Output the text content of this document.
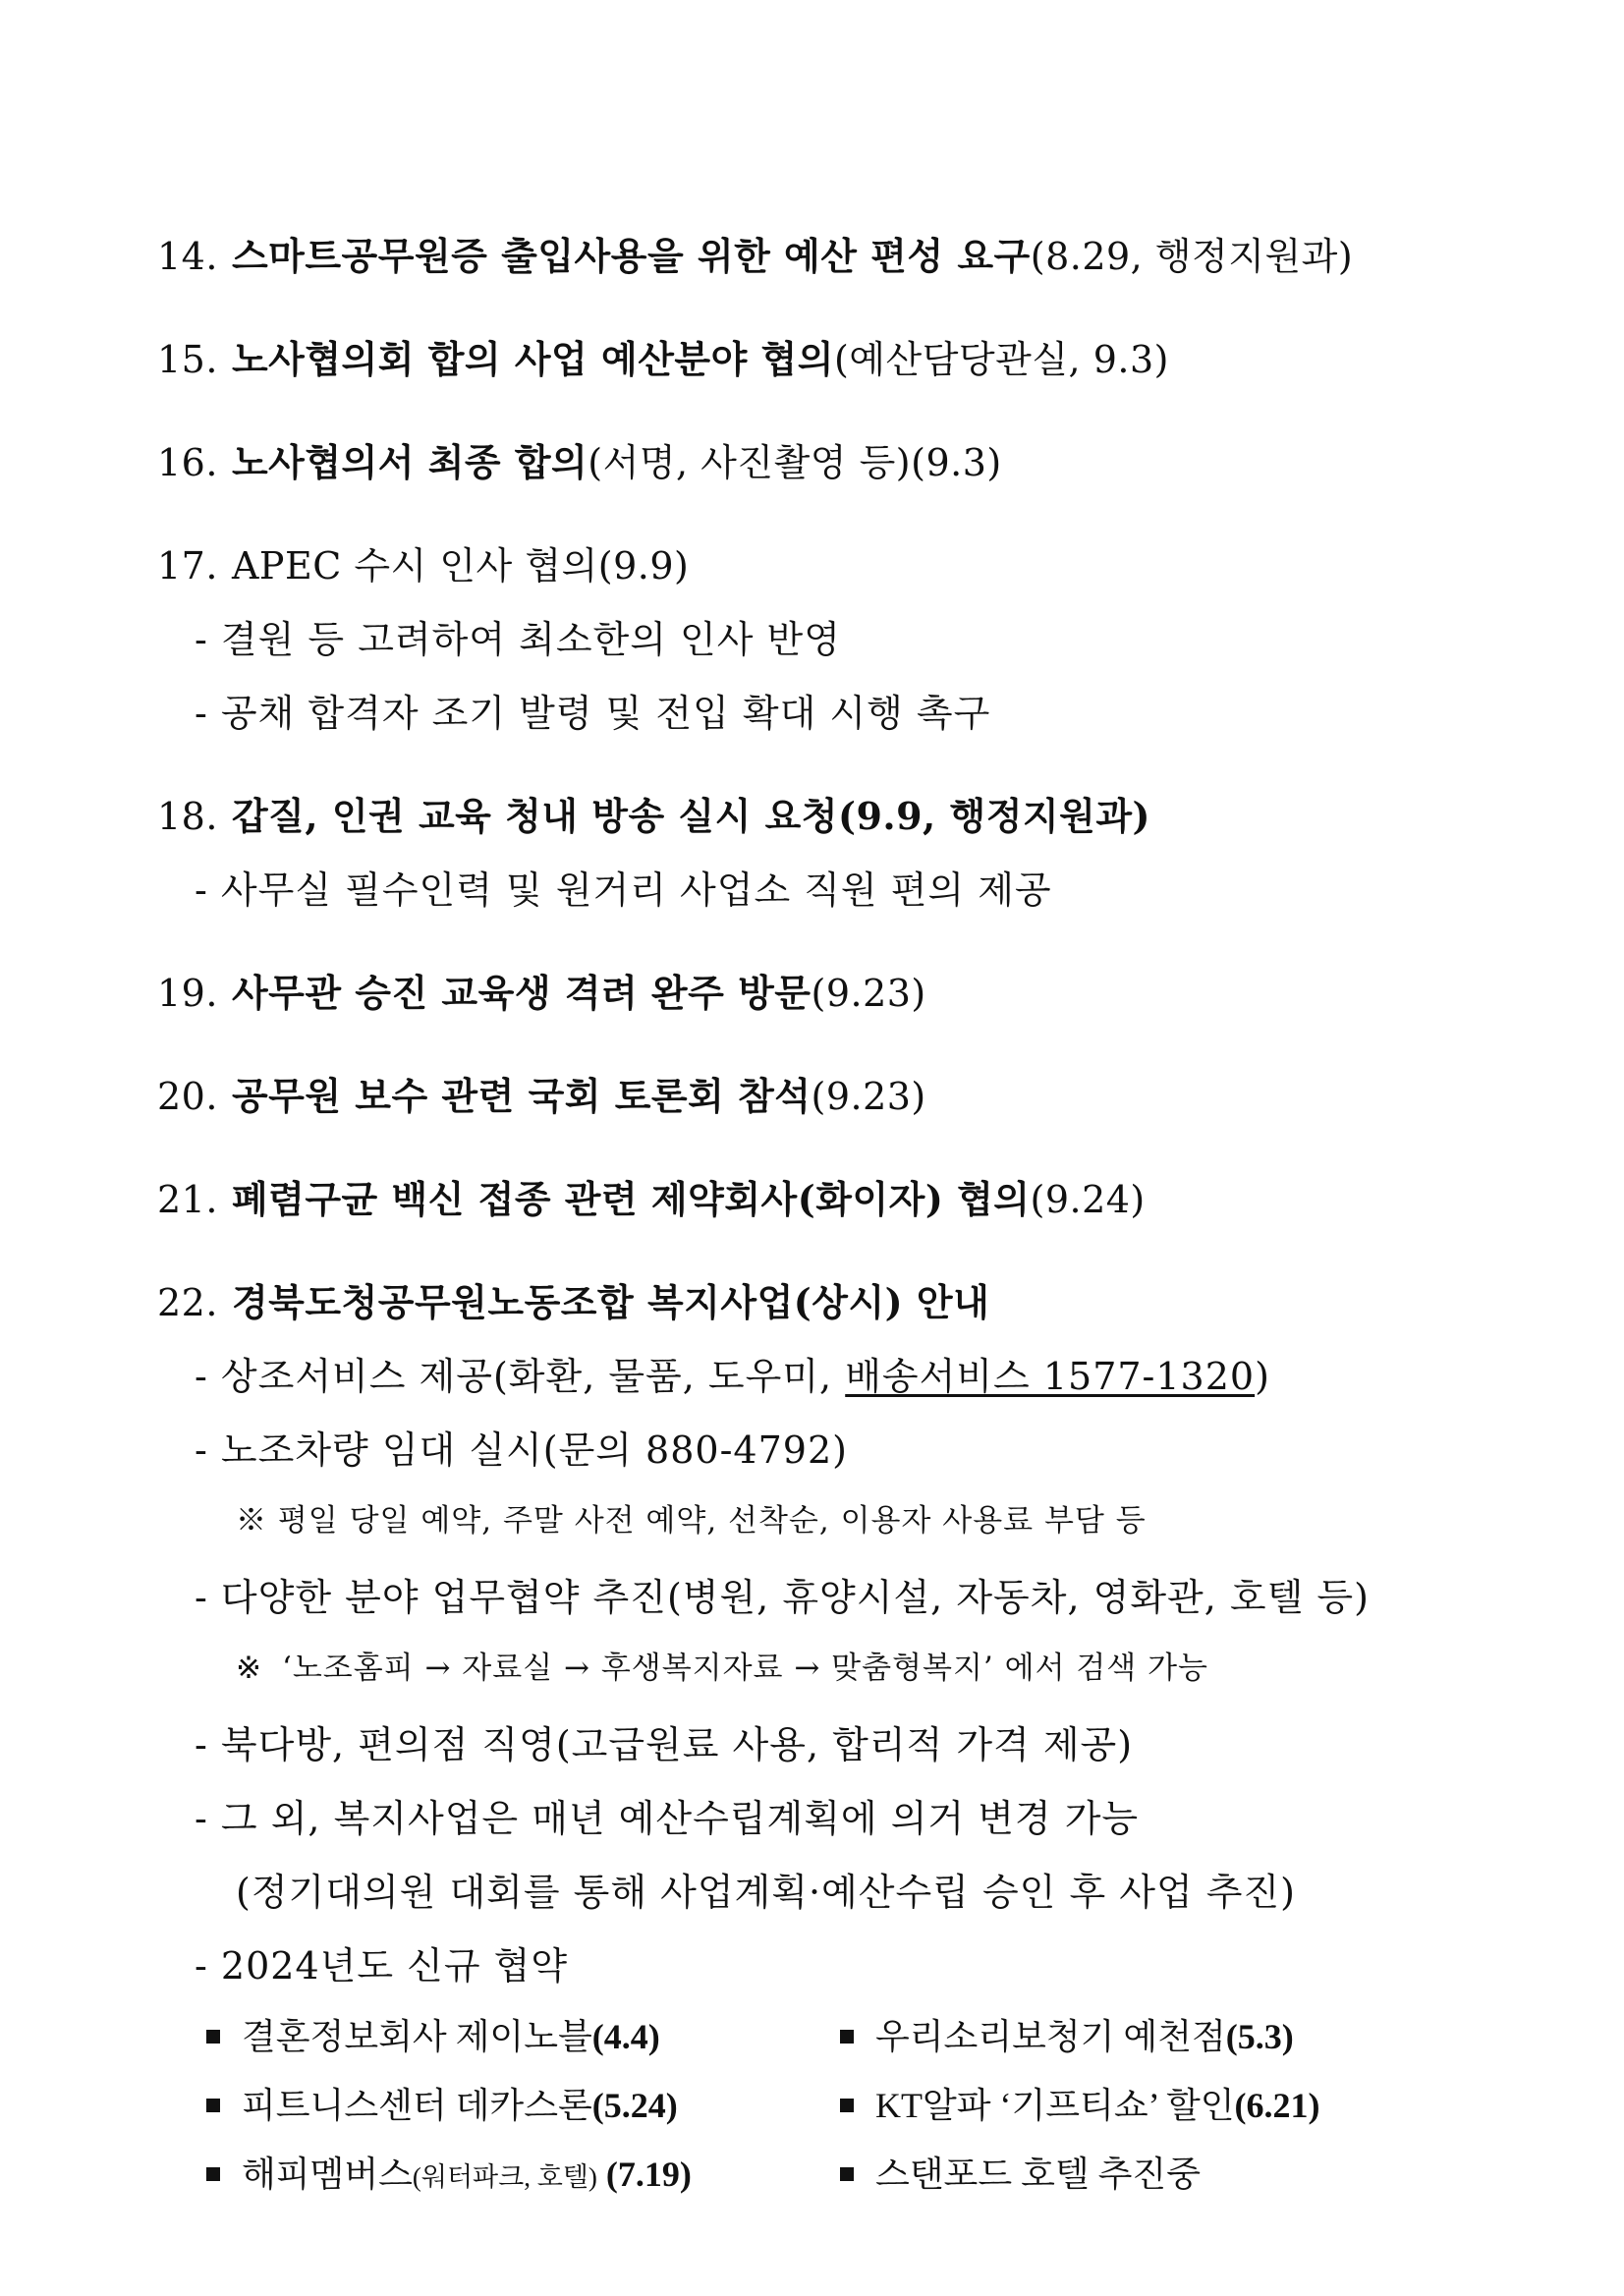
14. 스마트공무원증 출입사용을 위한 예산 편성 요구(8.29, 행정지원과)
15. 노사협의회 합의 사업 예산분야 협의(예산담당관실, 9.3)
16. 노사협의서 최종 합의(서명, 사진촬영 등)(9.3)
17. APEC 수시 인사 협의(9.9)
- 결원 등 고려하여 최소한의 인사 반영
- 공채 합격자 조기 발령 및 전입 확대 시행 촉구
18. 갑질, 인권 교육 청내 방송 실시 요청(9.9, 행정지원과)
- 사무실 필수인력 및 원거리 사업소 직원 편의 제공
19. 사무관 승진 교육생 격려 완주 방문(9.23)
20. 공무원 보수 관련 국회 토론회 참석(9.23)
21. 폐렴구균 백신 접종 관련 제약회사(화이자) 협의(9.24)
22. 경북도청공무원노동조합 복지사업(상시) 안내
- 상조서비스 제공(화환, 물품, 도우미, 배송서비스 1577-1320)
- 노조차량 임대 실시(문의 880-4792)
※ 평일 당일 예약, 주말 사전 예약, 선착순, 이용자 사용료 부담 등
- 다양한 분야 업무협약 추진(병원, 휴양시설, 자동차, 영화관, 호텔 등)
※ ‘노조홈피 → 자료실 → 후생복지자료 → 맞춤형복지’ 에서 검색 가능
- 북다방, 편의점 직영(고급원료 사용, 합리적 가격 제공)
- 그 외, 복지사업은 매년 예산수립계획에 의거 변경 가능
(정기대의원 대회를 통해 사업계획·예산수립 승인 후 사업 추진)
- 2024년도 신규 협약
결혼정보회사 제이노블(4.4)	우리소리보청기 예천점(5.3)
피트니스센터 데카스론(5.24)	KT알파 ‘기프티쇼’ 할인(6.21)
해피멤버스(워터파크, 호텔) (7.19)	스탠포드 호텔 추진중
